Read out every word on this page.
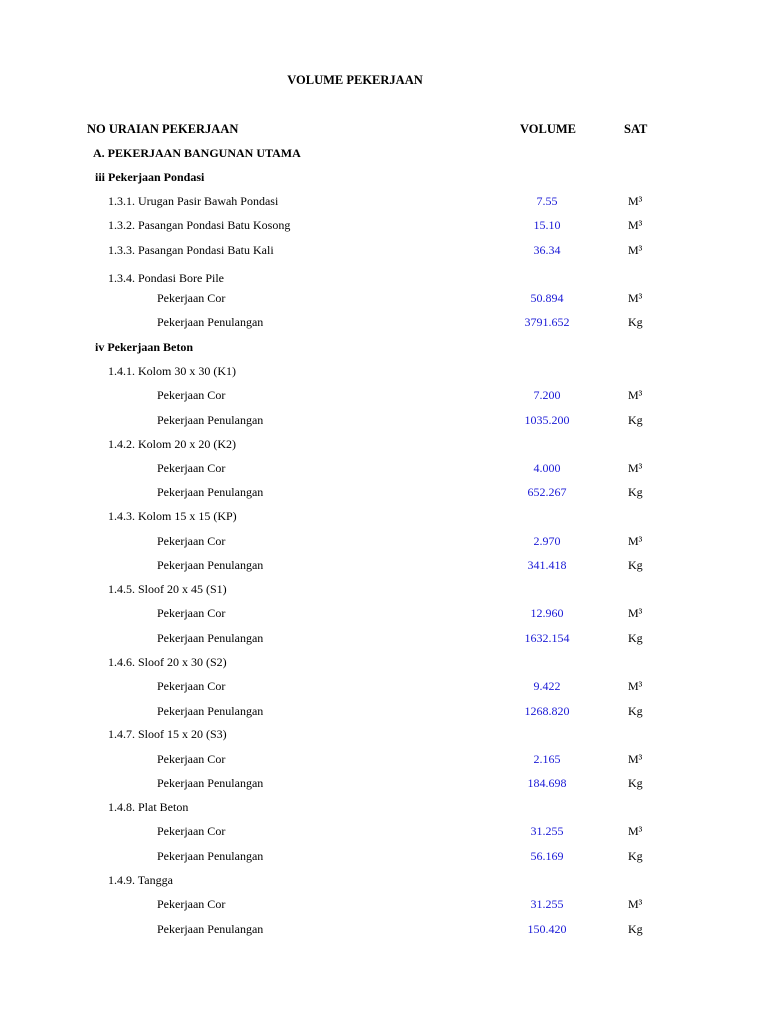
VOLUME PEKERJAAN
NO URAIAN PEKERJAAN	VOLUME	SAT
A. PEKERJAAN BANGUNAN UTAMA
iii Pekerjaan Pondasi
1.3.1. Urugan Pasir Bawah Pondasi	7.55	M³
1.3.2. Pasangan Pondasi Batu Kosong	15.10	M³
1.3.3. Pasangan Pondasi Batu Kali	36.34	M³
1.3.4. Pondasi Bore Pile
Pekerjaan Cor	50.894	M³
Pekerjaan Penulangan	3791.652	Kg
iv Pekerjaan Beton
1.4.1. Kolom 30 x 30 (K1)
Pekerjaan Cor	7.200	M³
Pekerjaan Penulangan	1035.200	Kg
1.4.2. Kolom 20 x 20 (K2)
Pekerjaan Cor	4.000	M³
Pekerjaan Penulangan	652.267	Kg
1.4.3. Kolom 15 x 15 (KP)
Pekerjaan Cor	2.970	M³
Pekerjaan Penulangan	341.418	Kg
1.4.5. Sloof 20 x 45 (S1)
Pekerjaan Cor	12.960	M³
Pekerjaan Penulangan	1632.154	Kg
1.4.6. Sloof 20 x 30 (S2)
Pekerjaan Cor	9.422	M³
Pekerjaan Penulangan	1268.820	Kg
1.4.7. Sloof 15 x 20 (S3)
Pekerjaan Cor	2.165	M³
Pekerjaan Penulangan	184.698	Kg
1.4.8. Plat Beton
Pekerjaan Cor	31.255	M³
Pekerjaan Penulangan	56.169	Kg
1.4.9. Tangga
Pekerjaan Cor	31.255	M³
Pekerjaan Penulangan	150.420	Kg
